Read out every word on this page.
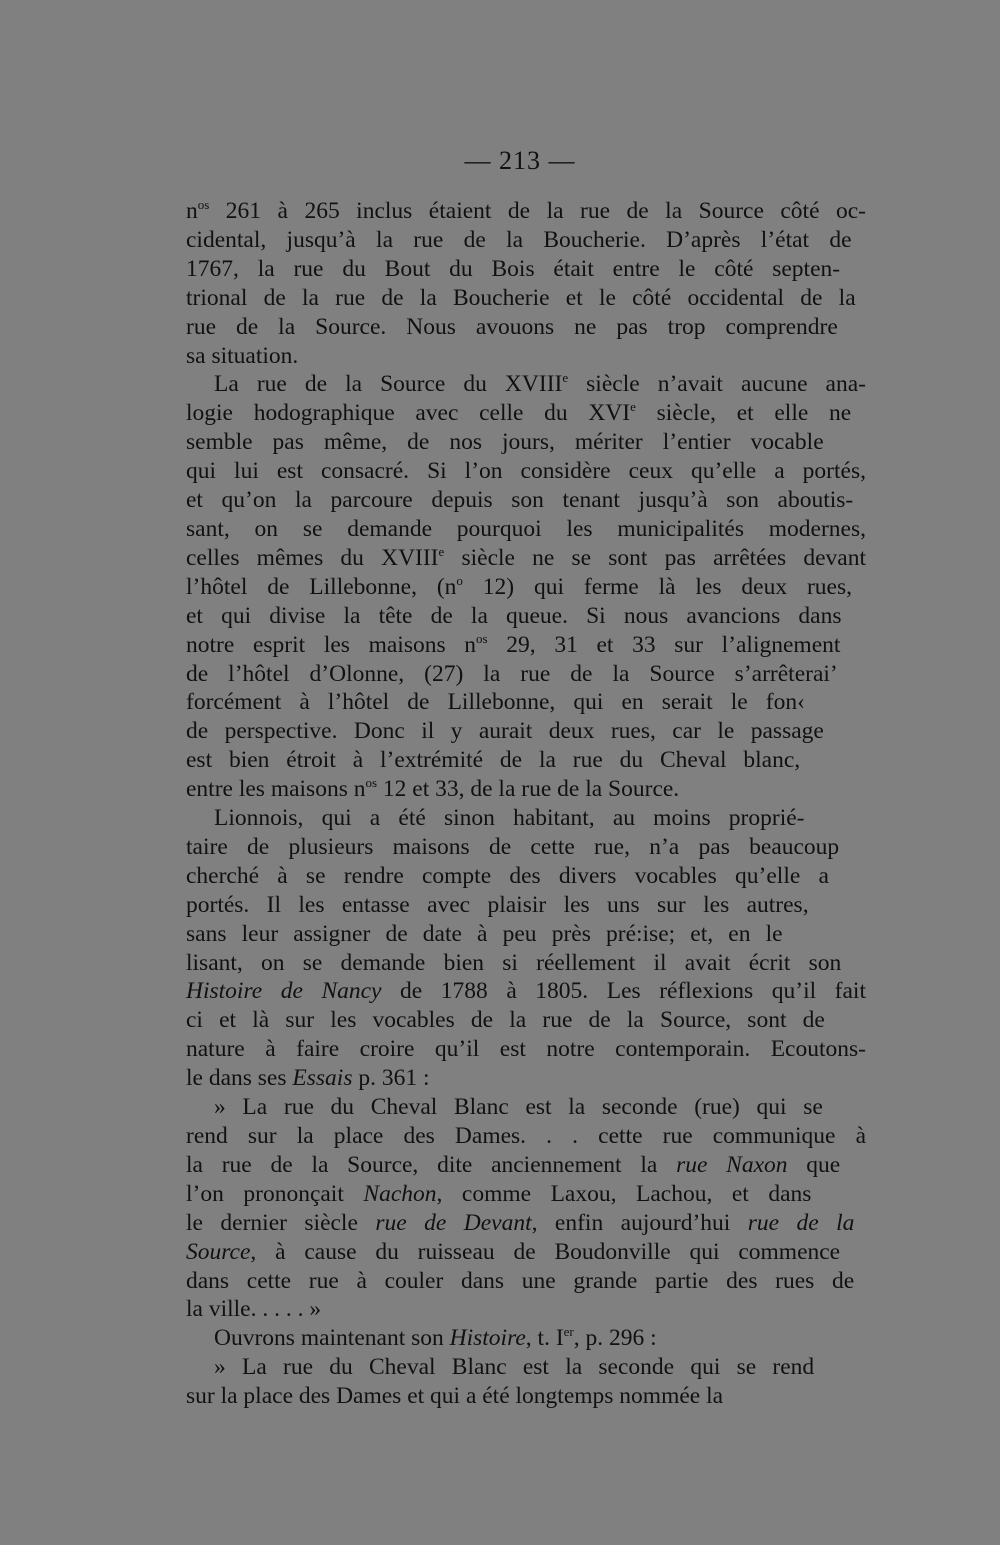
— 213 —
$n^{os}$ 261 à 265 inclus étaient de la rue de la Source côté oc-
cidental, jusqu’à la rue de la Boucherie. D’après l’état de
1767, la rue du Bout du Bois était entre le côté septen-
trional de la rue de la Boucherie et le côté occidental de la
rue de la Source. Nous avouons ne pas trop comprendre
sa situation.
La rue de la Source du XVIIIe siècle n’avait aucune ana-
logie hodographique avec celle du XVIe siècle, et elle ne
semble pas même, de nos jours, mériter l’entier vocable
qui lui est consacré. Si l’on considère ceux qu’elle a portés,
et qu’on la parcoure depuis son tenant jusqu’à son aboutis-
sant, on se demande pourquoi les municipalités modernes,
celles mêmes du XVIIIe siècle ne se sont pas arrêtées devant
l’hôtel de Lillebonne, ($n^o$ 12) qui ferme là les deux rues,
et qui divise la tête de la queue. Si nous avancions dans
notre esprit les maisons $n^{os}$ 29, 31 et 33 sur l’alignement
de l’hôtel d’Olonne, (27) la rue de la Source s’arrêterai’
forcément à l’hôtel de Lillebonne, qui en serait le fon‹
de perspective. Donc il y aurait deux rues, car le passage
est bien étroit à l’extrémité de la rue du Cheval blanc,
entre les maisons $n^{os}$ 12 et 33, de la rue de la Source.
Lionnois, qui a été sinon habitant, au moins proprié-
taire de plusieurs maisons de cette rue, n’a pas beaucoup
cherché à se rendre compte des divers vocables qu’elle a
portés. Il les entasse avec plaisir les uns sur les autres,
sans leur assigner de date à peu près pré:ise; et, en le
lisant, on se demande bien si réellement il avait écrit son
Histoire de Nancy de 1788 à 1805. Les réflexions qu’il fait
ci et là sur les vocables de la rue de la Source, sont de
nature à faire croire qu’il est notre contemporain. Ecoutons-
le dans ses Essais p. 361 :
» La rue du Cheval Blanc est la seconde (rue) qui se
rend sur la place des Dames. . . cette rue communique à
la rue de la Source, dite anciennement la rue Naxon que
l’on prononçait Nachon, comme Laxou, Lachou, et dans
le dernier siècle rue de Devant, enfin aujourd’hui rue de la
Source, à cause du ruisseau de Boudonville qui commence
dans cette rue à couler dans une grande partie des rues de
la ville. . . . . »
Ouvrons maintenant son Histoire, t. Ier, p. 296 :
» La rue du Cheval Blanc est la seconde qui se rend
sur la place des Dames et qui a été longtemps nommée la
